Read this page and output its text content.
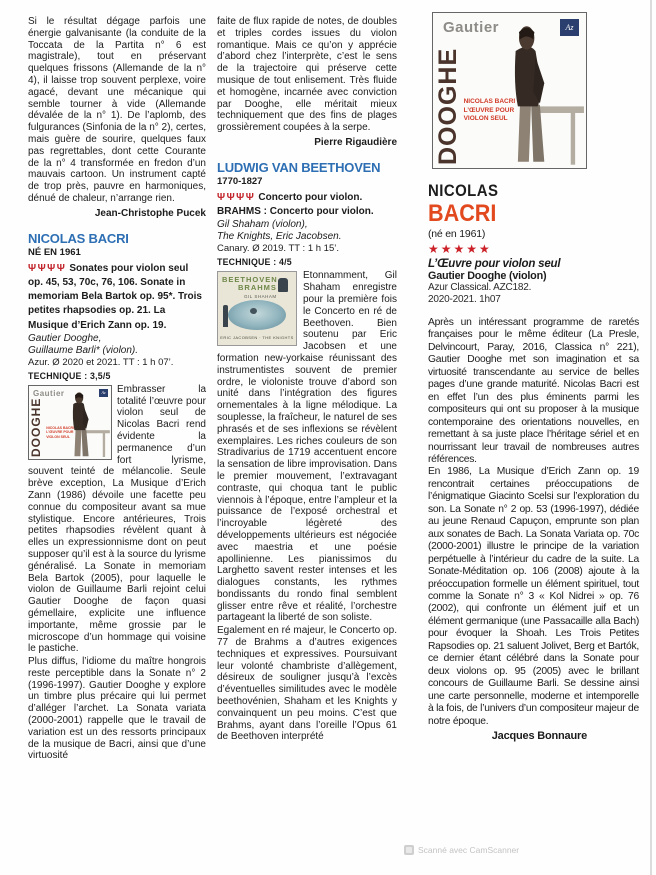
Si le résultat dégage parfois une énergie galvanisante (la conduite de la Toccata de la Partita n° 6 est magistrale), tout en préservant quelques frissons (Allemande de la n° 4), il laisse trop souvent perplexe, voire agacé, devant une mécanique qui semble tourner à vide (Allemande dévalée de la n° 1). De l’aplomb, des fulgurances (Sinfonia de la n° 2), certes, mais guère de sourire, quelques faux pas regrettables, dont cette Courante de la n° 4 transformée en fredon d’un mauvais cartoon. Un instrument capté de trop près, pauvre en harmoniques, dénué de chaleur, n’arrange rien.

Jean-Christophe Pucek
NICOLAS BACRI
NÉ EN 1961

ΨΨΨΨ Sonates pour violon seul op. 45, 53, 70c, 76, 106. Sonate in memoriam Bela Bartok op. 95*. Trois petites rhapsodies op. 21. La Musique d’Erich Zann op. 19.

Gautier Dooghe,
Guillaume Barli* (violon).
Azur. Ø 2020 et 2021. TT : 1 h 07’.
TECHNIQUE : 3,5/5
Gautier
DOOGHE
Az
NICOLAS BACRI
L’ŒUVRE POUR
VIOLON SEUL

Embrasser la totalité l’œuvre pour violon seul de Nicolas Bacri rend évidente la permanence d’un fort lyrisme, souvent teinté de mélancolie. Seule brève exception, La Musique d’Erich Zann (1986) dévoile une facette peu connue du compositeur avant sa mue stylistique. Encore antérieures, Trois petites rhapsodies révèlent quant à elles un expressionnisme dont on peut supposer qu’il est à la source du lyrisme généralisé. La Sonate in memoriam Bela Bartok (2005), pour laquelle le violon de Guillaume Barli rejoint celui Gautier Dooghe de façon quasi gémellaire, explicite une influence importante, même grossie par le microscope d’un hommage qui voisine le pastiche.

Plus diffus, l’idiome du maître hongrois reste perceptible dans la Sonate n° 2 (1996-1997). Gautier Dooghe y explore un timbre plus précaire qui lui permet d’alléger l’archet. La Sonata variata (2000-2001) rappelle que le travail de variation est un des ressorts principaux de la musique de Bacri, ainsi que d’une virtuosité

faite de flux rapide de notes, de doubles et triples cordes issues du violon romantique. Mais ce qu’on y apprécie d’abord chez l’interprète, c’est le sens de la trajectoire qui préserve cette musique de tout enlisement. Très fluide et homogène, incarnée avec conviction par Dooghe, elle méritait mieux techniquement que des fins de plages grossièrement coupées à la serpe.

Pierre Rigaudière
LUDWIG VAN BEETHOVEN
1770-1827

ΨΨΨΨ Concerto pour violon.
BRAHMS : Concerto pour violon.

Gil Shaham (violon),
The Knights, Eric Jacobsen.
Canary. Ø 2019. TT : 1 h 15’.
TECHNIQUE : 4/5
BEETHOVEN
BRAHMS
GIL SHAHAM
ERIC JACOBSEN · THE KNIGHTS

Etonnamment, Gil Shaham enregistre pour la première fois le Concerto en ré de Beethoven. Bien soutenu par Eric Jacobsen et une formation new-yorkaise réunissant des instrumentistes souvent de premier ordre, le violoniste trouve d’abord son unité dans l’intégration des figures ornementales à la ligne mélodique. La souplesse, la fraîcheur, le naturel de ses phrasés et de ses inflexions se révèlent exemplaires. Les riches couleurs de son Stradivarius de 1719 accentuent encore la sensation de libre improvisation. Dans le premier mouvement, l’extravagant contraste, qui choqua tant le public viennois à l’époque, entre l’ampleur et la puissance de l’exposé orchestral et l’incroyable légèreté des développements ultérieurs est négociée avec maestria et une poésie apollinienne. Les pianissimos du Larghetto savent rester intenses et les dialogues constants, les rythmes bondissants du rondo final semblent glisser entre rêve et réalité, l’orchestre partageant la liberté de son soliste.

Egalement en ré majeur, le Concerto op. 77 de Brahms a d’autres exigences techniques et expressives. Poursuivant leur volonté chambriste d’allègement, désireux de souligner jusqu’à l’excès d’éventuelles similitudes avec le modèle beethovénien, Shaham et les Knights y convainquent un peu moins. C’est que Brahms, ayant dans l’oreille l’Opus 61 de Beethoven interprété

Gautier
DOOGHE
Az
NICOLAS BACRI
L’ŒUVRE POUR
VIOLON SEUL
NICOLAS
BACRI
(né en 1961)
★★★★★
L’Œuvre pour violon seul
Gautier Dooghe (violon)
Azur Classical. AZC182.
2020-2021. 1h07

Après un intéressant programme de raretés françaises pour le même éditeur (La Presle, Delvincourt, Paray, 2016, Classica n° 221), Gautier Dooghe met son imagination et sa virtuosité transcendante au service de belles pages d’une grande maturité. Nicolas Bacri est en effet l’un des plus éminents parmi les compositeurs qui ont su proposer à la musique contemporaine des orientations nouvelles, en remettant à sa juste place l’héritage sériel et en nourrissant leur travail de nombreuses autres références.

En 1986, La Musique d’Erich Zann op. 19 rencontrait certaines préoccupations de l’énigmatique Giacinto Scelsi sur l’exploration du son. La Sonate n° 2 op. 53 (1996-1997), dédiée au jeune Renaud Capuçon, emprunte son plan aux sonates de Bach. La Sonata Variata op. 70c (2000-2001) illustre le principe de la variation perpétuelle à l’intérieur du cadre de la suite. La Sonate-Méditation op. 106 (2008) ajoute à la préoccupation formelle un élément spirituel, tout comme la Sonate n° 3 « Kol Nidrei » op. 76 (2002), qui confronte un élément juif et un élément germanique (une Passacaille alla Bach) pour évoquer la Shoah. Les Trois Petites Rapsodies op. 21 saluent Jolivet, Berg et Bartók, ce dernier étant célébré dans la Sonate pour deux violons op. 95 (2005) avec le brillant concours de Guillaume Barli. Se dessine ainsi une carte personnelle, moderne et intemporelle à la fois, de l’univers d’un compositeur majeur de notre époque.

Jacques Bonnaure
Scanné avec CamScanner
